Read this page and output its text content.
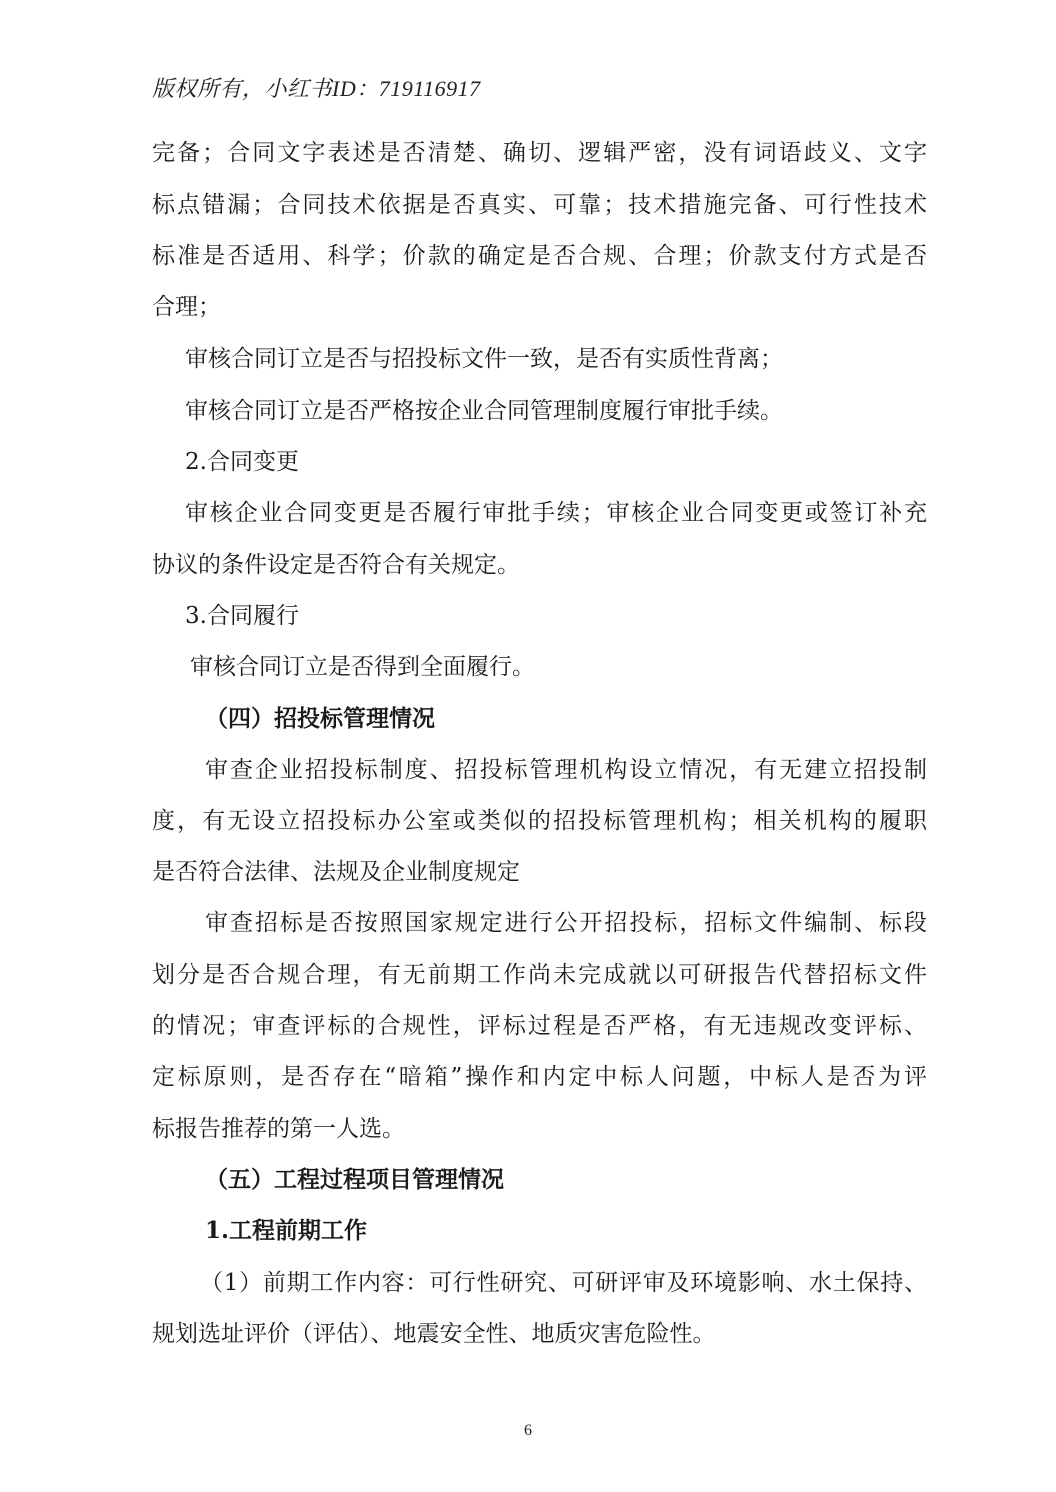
版权所有，小红书ID：719116917
完备；合同文字表述是否清楚、确切、逻辑严密，没有词语歧义、文字
标点错漏；合同技术依据是否真实、可靠；技术措施完备、可行性技术
标准是否适用、科学；价款的确定是否合规、合理；价款支付方式是否
合理；
审核合同订立是否与招投标文件一致，是否有实质性背离；
审核合同订立是否严格按企业合同管理制度履行审批手续。
2.合同变更
审核企业合同变更是否履行审批手续；审核企业合同变更或签订补充
协议的条件设定是否符合有关规定。
3.合同履行
审核合同订立是否得到全面履行。
（四）招投标管理情况
审查企业招投标制度、招投标管理机构设立情况，有无建立招投制
度，有无设立招投标办公室或类似的招投标管理机构；相关机构的履职
是否符合法律、法规及企业制度规定
审查招标是否按照国家规定进行公开招投标，招标文件编制、标段
划分是否合规合理，有无前期工作尚未完成就以可研报告代替招标文件
的情况；审查评标的合规性，评标过程是否严格，有无违规改变评标、
定标原则，是否存在“暗箱”操作和内定中标人问题，中标人是否为评
标报告推荐的第一人选。
（五）工程过程项目管理情况
1.工程前期工作
（1）前期工作内容：可行性研究、可研评审及环境影响、水土保持、
规划选址评价（评估）、地震安全性、地质灾害危险性。
6
